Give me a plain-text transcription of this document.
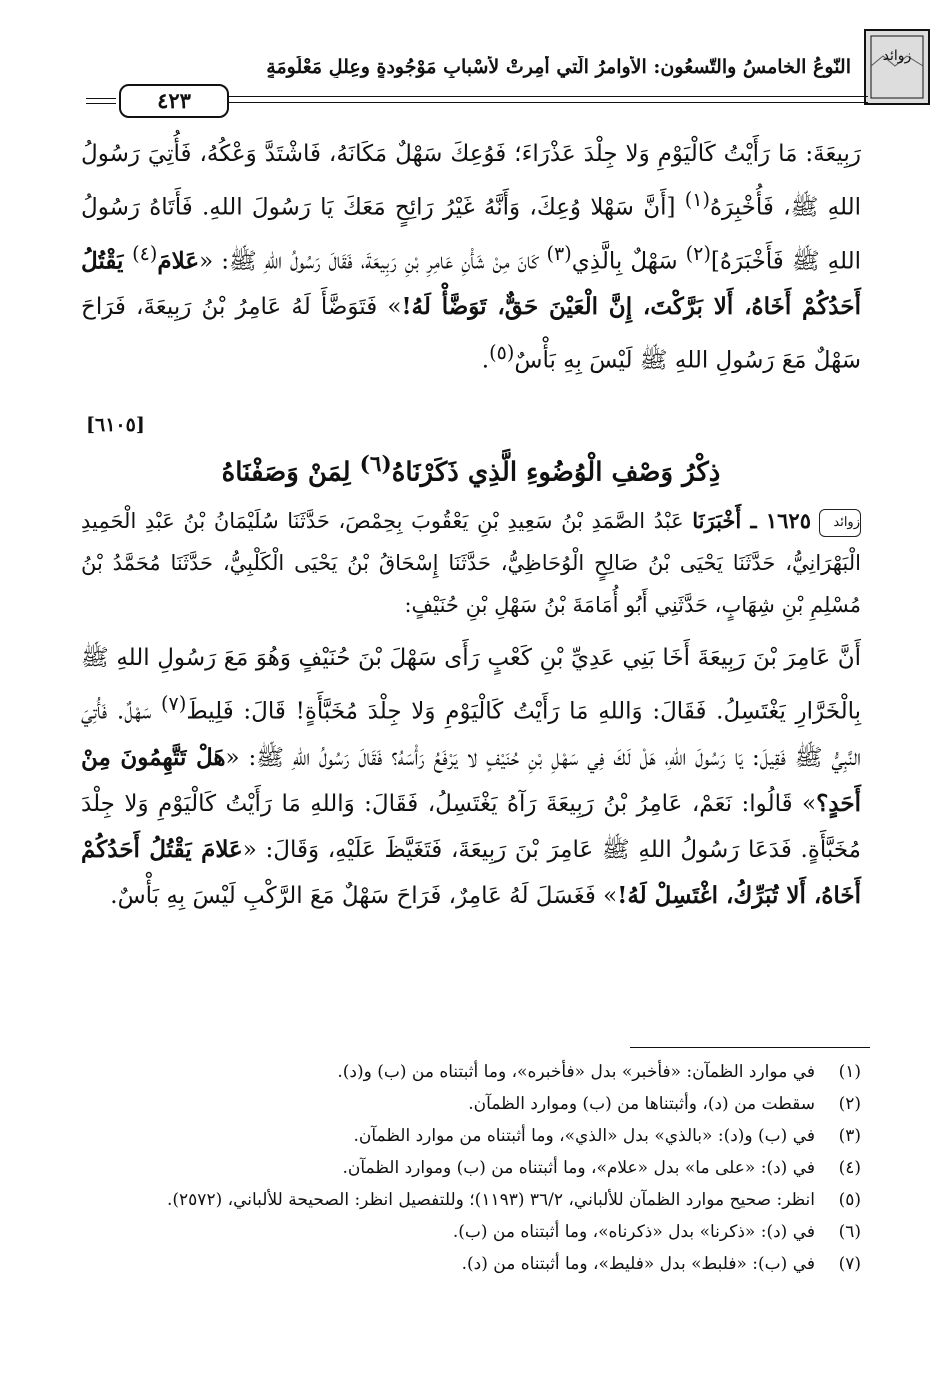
زوائد
النّوعُ الخامسُ والتّسعُون: الأوامرُ الّتي أُمِرتْ لأسْبابٍ مَوْجُودةٍ وعِللٍ مَعْلُومَةٍ
٤٢٣

رَبِيعَةَ: مَا رَأَيْتُ كَالْيَوْمِ وَلا جِلْدَ عَذْرَاءَ؛ فَوُعِكَ سَهْلٌ مَكَانَهُ، فَاشْتَدَّ وَعْكُهُ، فَأُتِيَ رَسُولُ اللهِ ﷺ، فَأُخْبِرَهُ$^{(١)}$ [أَنَّ سَهْلا وُعِكَ، وَأَنَّهُ غَيْرُ رَائِحٍ مَعَكَ يَا رَسُولَ اللهِ. فَأَتَاهُ رَسُولُ اللهِ ﷺ فَأَخْبَرَهُ]$^{(٢)}$ سَهْلٌ بِالَّذِي$^{(٣)}$ كَانَ مِنْ شَأْنِ عَامِرِ بْنِ رَبِيعَةَ، فَقَالَ رَسُولُ اللهِ ﷺ: «عَلامَ$^{(٤)}$ يَقْتُلُ أَحَدُكُمْ أَخَاهُ، أَلا بَرَّكْتَ، إِنَّ الْعَيْنَ حَقٌّ، تَوَضَّأْ لَهُ!» فَتَوَضَّأَ لَهُ عَامِرُ بْنُ رَبِيعَةَ، فَرَاحَ سَهْلٌ مَعَ رَسُولِ اللهِ ﷺ لَيْسَ بِهِ بَأْسٌ$^{(٥)}$.

[٦١٠٥]
ذِكْرُ وَصْفِ الْوُضُوءِ الَّذِي ذَكَرْنَاهُ$^{(٦)}$ لِمَنْ وَصَفْنَاهُ

زوائد١٦٢٥ ـ أَخْبَرَنَا عَبْدُ الصَّمَدِ بْنُ سَعِيدِ بْنِ يَعْقُوبَ بِحِمْصَ، حَدَّثَنَا سُلَيْمَانُ بْنُ عَبْدِ الْحَمِيدِ الْبَهْرَانِيُّ، حَدَّثَنَا يَحْيَى بْنُ صَالِحٍ الْوُحَاظِيُّ، حَدَّثَنَا إِسْحَاقُ بْنُ يَحْيَى الْكَلْبِيُّ، حَدَّثَنَا مُحَمَّدُ بْنُ مُسْلِمِ بْنِ شِهَابٍ، حَدَّثَنِي أَبُو أُمَامَةَ بْنُ سَهْلِ بْنِ حُنَيْفٍ:

أَنَّ عَامِرَ بْنَ رَبِيعَةَ أَخَا بَنِي عَدِيِّ بْنِ كَعْبٍ رَأَى سَهْلَ بْنَ حُنَيْفٍ وَهُوَ مَعَ رَسُولِ اللهِ ﷺ بِالْخَرَّارِ يَغْتَسِلُ. فَقَالَ: وَاللهِ مَا رَأَيْتُ كَالْيَوْمِ وَلا جِلْدَ مُخَبَّأَةٍ! قَالَ: فَلِيطَ$^{(٧)}$ سَهْلٌ. فَأُتِيَ النَّبِيُّ ﷺ فَقِيلَ: يَا رَسُولَ اللهِ، هَلْ لَكَ فِي سَهْلِ بْنِ حُنَيْفٍ لا يَرْفَعُ رَأْسَهُ؟ فَقَالَ رَسُولُ اللهِ ﷺ: «هَلْ تَتَّهِمُونَ مِنْ أَحَدٍ؟» قَالُوا: نَعَمْ، عَامِرُ بْنُ رَبِيعَةَ رَآهُ يَغْتَسِلُ، فَقَالَ: وَاللهِ مَا رَأَيْتُ كَالْيَوْمِ وَلا جِلْدَ مُخَبَّأَةٍ. فَدَعَا رَسُولُ اللهِ ﷺ عَامِرَ بْنَ رَبِيعَةَ، فَتَغَيَّظَ عَلَيْهِ، وَقَالَ: «عَلامَ يَقْتُلُ أَحَدُكُمْ أَخَاهُ، أَلا تُبَرِّكُ، اغْتَسِلْ لَهُ!» فَغَسَلَ لَهُ عَامِرٌ، فَرَاحَ سَهْلٌ مَعَ الرَّكْبِ لَيْسَ بِهِ بَأْسٌ.

(١)
في موارد الظمآن: «فأخبر» بدل «فأخبره»، وما أثبتناه من (ب) و(د).
(٢)
سقطت من (د)، وأثبتناها من (ب) وموارد الظمآن.
(٣)
في (ب) و(د): «بالذي» بدل «الذي»، وما أثبتناه من موارد الظمآن.
(٤)
في (د): «على ما» بدل «علام»، وما أثبتناه من (ب) وموارد الظمآن.
(٥)
انظر: صحيح موارد الظمآن للألباني، ٣٦/٢ (١١٩٣)؛ وللتفصيل انظر: الصحيحة للألباني، (٢٥٧٢).
(٦)
في (د): «ذكرنا» بدل «ذكرناه»، وما أثبتناه من (ب).
(٧)
في (ب): «فلبط» بدل «فليط»، وما أثبتناه من (د).
